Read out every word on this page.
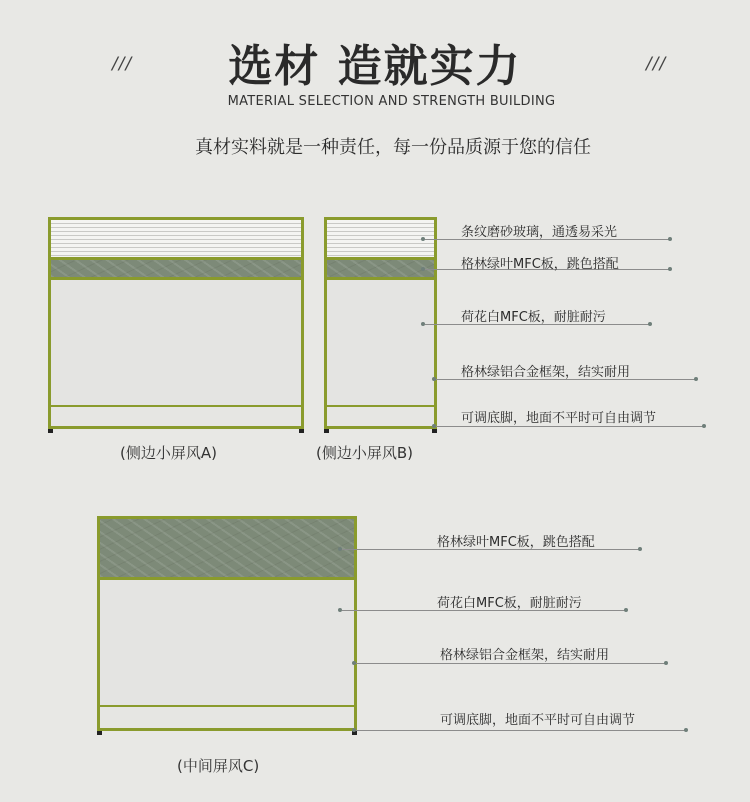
///	///
选材 造就实力
MATERIAL SELECTION AND STRENGTH BUILDING
真材实料就是一种责任，每一份品质源于您的信任
(侧边小屏风A)	(侧边小屏风B)
条纹磨砂玻璃，通透易采光
格林绿叶MFC板，跳色搭配
荷花白MFC板，耐脏耐污
格林绿铝合金框架，结实耐用
可调底脚，地面不平时可自由调节
(中间屏风C)
格林绿叶MFC板，跳色搭配
荷花白MFC板，耐脏耐污
格林绿铝合金框架，结实耐用
可调底脚，地面不平时可自由调节
